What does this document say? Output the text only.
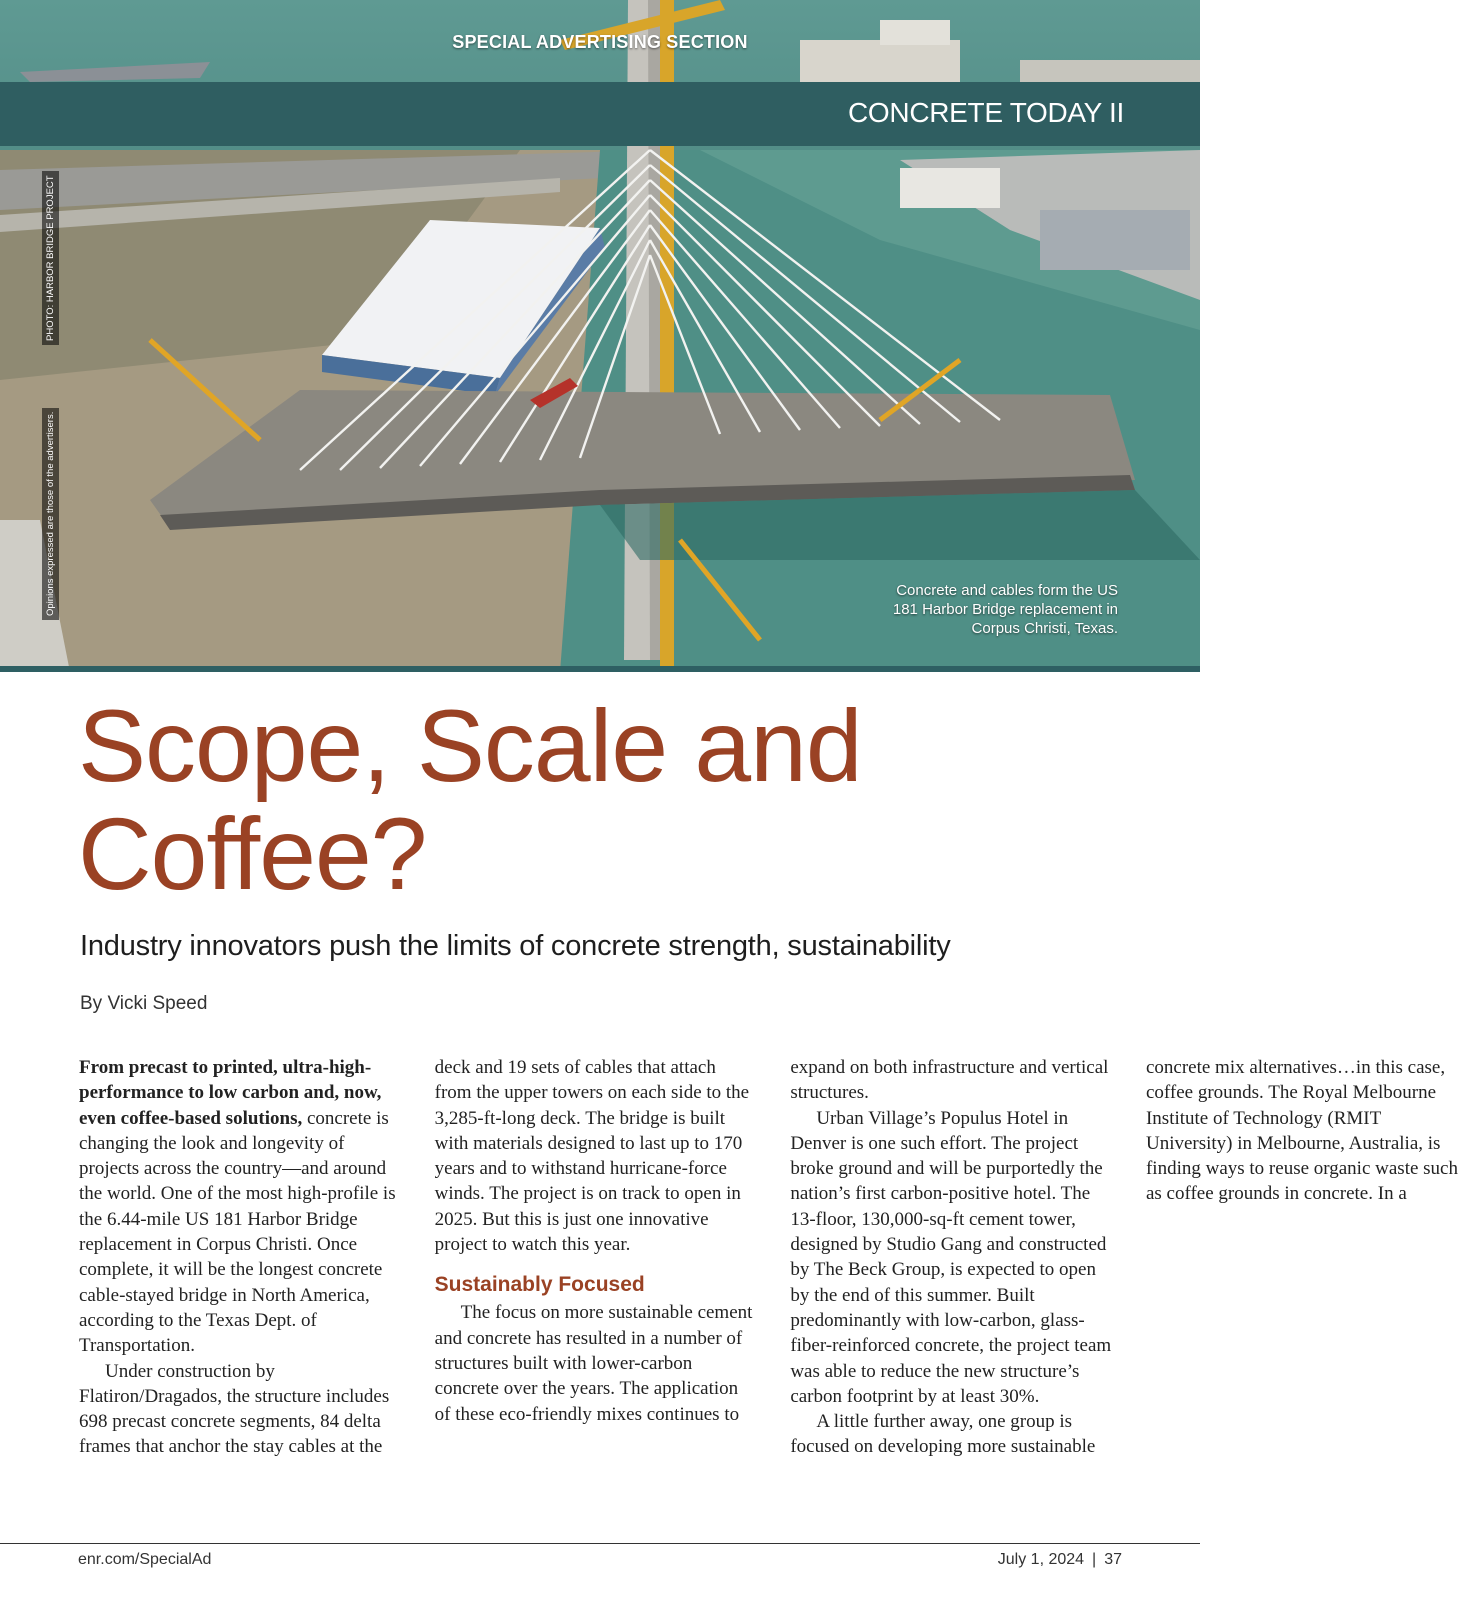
SPECIAL ADVERTISING SECTION
CONCRETE TODAY II
PHOTO: HARBOR BRIDGE PROJECT
Opinions expressed are those of the advertisers.	Concrete and cables form the US 181 Harbor Bridge replacement in Corpus Christi, Texas.
Scope, Scale and
Coffee?
Industry innovators push the limits of concrete strength, sustainability
By Vicki Speed
enr.com/SpecialAd	July 1, 2024 | 37

From precast to printed, ultra-high-performance to low carbon and, now, even coffee-based solutions, concrete is changing the look and longevity of projects across the country—and around the world. One of the most high-profile is the 6.44-mile US 181 Harbor Bridge replacement in Corpus Christi. Once complete, it will be the longest concrete cable-stayed bridge in North America, according to the Texas Dept. of Transportation.

Under construction by Flatiron/Dragados, the structure includes 698 precast concrete segments, 84 delta frames that anchor the stay cables at the deck and 19 sets of cables that attach from the upper towers on each side to the 3,285-ft-long deck. The bridge is built with materials designed to last up to 170 years and to withstand hurricane-force winds. The project is on track to open in 2025. But this is just one innovative project to watch this year.

Sustainably Focused

The focus on more sustainable cement and concrete has resulted in a number of structures built with lower-carbon concrete over the years. The application of these eco-friendly mixes continues to expand on both infrastructure and vertical structures.

Urban Village’s Populus Hotel in Denver is one such effort. The project broke ground and will be purportedly the nation’s first carbon-positive hotel. The 13-floor, 130,000-sq-ft cement tower, designed by Studio Gang and constructed by The Beck Group, is expected to open by the end of this summer. Built predominantly with low-carbon, glass-fiber-reinforced concrete, the project team was able to reduce the new structure’s carbon footprint by at least 30%.

A little further away, one group is focused on developing more sustainable concrete mix alternatives…in this case, coffee grounds. The Royal Melbourne Institute of Technology (RMIT University) in Melbourne, Australia, is finding ways to reuse organic waste such as coffee grounds in concrete. In a
